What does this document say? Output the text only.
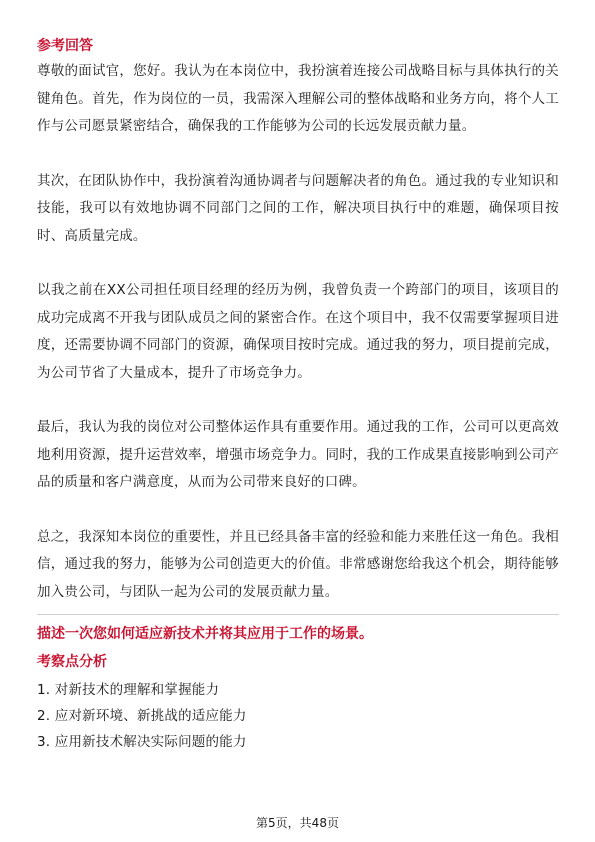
参考回答

尊敬的面试官，您好。我认为在本岗位中，我扮演着连接公司战略目标与具体执行的关键角色。首先，作为岗位的一员，我需深入理解公司的整体战略和业务方向，将个人工作与公司愿景紧密结合，确保我的工作能够为公司的长远发展贡献力量。

其次，在团队协作中，我扮演着沟通协调者与问题解决者的角色。通过我的专业知识和技能，我可以有效地协调不同部门之间的工作，解决项目执行中的难题，确保项目按时、高质量完成。

以我之前在XX公司担任项目经理的经历为例，我曾负责一个跨部门的项目，该项目的成功完成离不开我与团队成员之间的紧密合作。在这个项目中，我不仅需要掌握项目进度，还需要协调不同部门的资源，确保项目按时完成。通过我的努力，项目提前完成，为公司节省了大量成本，提升了市场竞争力。

最后，我认为我的岗位对公司整体运作具有重要作用。通过我的工作，公司可以更高效地利用资源，提升运营效率，增强市场竞争力。同时，我的工作成果直接影响到公司产品的质量和客户满意度，从而为公司带来良好的口碑。

总之，我深知本岗位的重要性，并且已经具备丰富的经验和能力来胜任这一角色。我相信，通过我的努力，能够为公司创造更大的价值。非常感谢您给我这个机会，期待能够加入贵公司，与团队一起为公司的发展贡献力量。

描述一次您如何适应新技术并将其应用于工作的场景。
考察点分析
1. 对新技术的理解和掌握能力
2. 应对新环境、新挑战的适应能力
3. 应用新技术解决实际问题的能力
第5页，共48页
